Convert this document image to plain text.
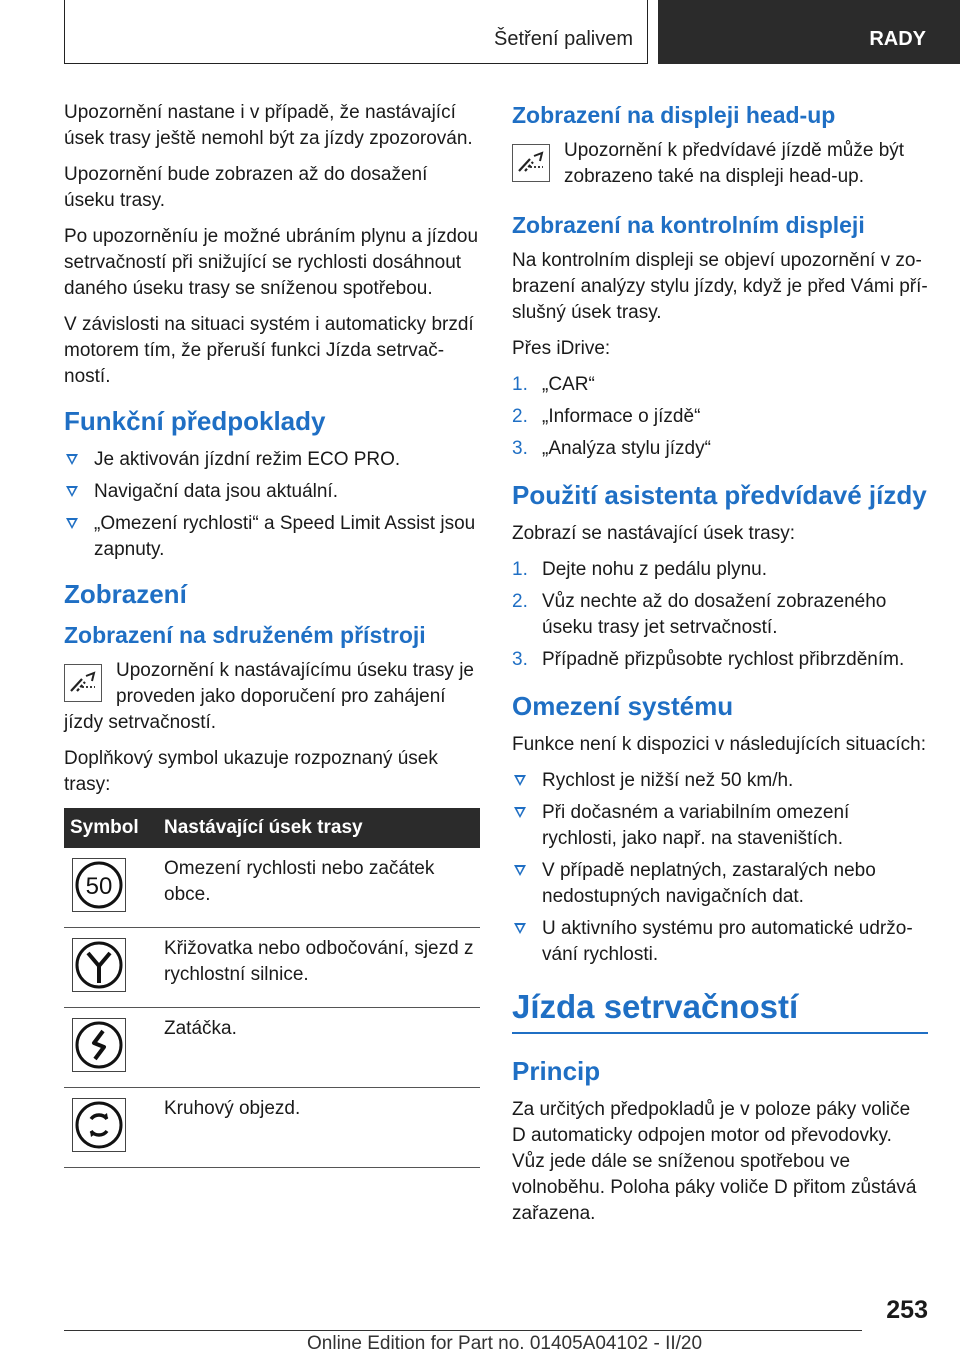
Šetření palivem	RADY

Upozornění nastane i v případě, že nastávající úsek trasy ještě nemohl být za jízdy zpozorován.

Upozornění bude zobrazen až do dosažení úseku trasy.

Po upozorněníu je možné ubráním plynu a jízdou setrvačností při snižující se rychlosti dosáhnout daného úseku trasy se sníženou spotřebou.

V závislosti na situaci systém i automaticky brzdí motorem tím, že přeruší funkci Jízda setrvačností.

Funkční předpoklady
Je aktivován jízdní režim ECO PRO.
Navigační data jsou aktuální.
„Omezení rychlosti“ a Speed Limit Assist jsou zapnuty.
Zobrazení
Zobrazení na sdruženém přístroji

Upozornění k nastávajícímu úseku trasy je proveden jako doporučení pro zahájení jízdy setrvačností.

Doplňkový symbol ukazuje rozpoznaný úsek trasy:

Symbol	Nastávající úsek trasy

50	Omezení rychlosti nebo začátek obce.

	Křižovatka nebo odbočování, sjezd z rychlostní silnice.

	Zatáčka.

	Kruhový objezd.
Zobrazení na displeji head-up

Upozornění k předvídavé jízdě může být zobrazeno také na displeji head-up.

Zobrazení na kontrolním displeji

Na kontrolním displeji se objeví upozornění v zobrazení analýzy stylu jízdy, když je před Vámi příslušný úsek trasy.

Přes iDrive:

1. „CAR“
2. „Informace o jízdě“
3. „Analýza stylu jízdy“
Použití asistenta předvídavé jízdy

Zobrazí se nastávající úsek trasy:

1. Dejte nohu z pedálu plynu.
2. Vůz nechte až do dosažení zobrazeného úseku trasy jet setrvačností.
3. Případně přizpůsobte rychlost přibrzděním.
Omezení systému

Funkce není k dispozici v následujících situacích:

Rychlost je nižší než 50 km/h.
Při dočasném a variabilním omezení rychlosti, jako např. na staveništích.
V případě neplatných, zastaralých nebo nedostupných navigačních dat.
U aktivního systému pro automatické udržování rychlosti.
Jízda setrvačností
Princip

Za určitých předpokladů je v poloze páky voliče D automaticky odpojen motor od převodovky. Vůz jede dále se sníženou spotřebou ve volnoběhu. Poloha páky voliče D přitom zůstává zařazena.

253
Online Edition for Part no. 01405A04102 - II/20
